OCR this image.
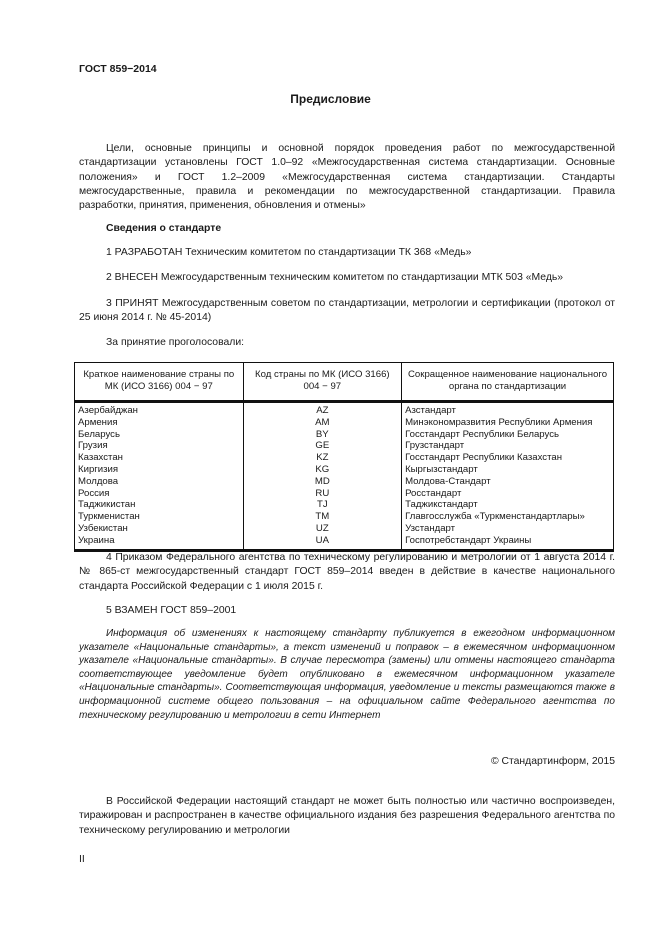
ГОСТ 859−2014
Предисловие
Цели, основные принципы и основной порядок проведения работ по межгосударственной стандартизации установлены ГОСТ 1.0–92 «Межгосударственная система стандартизации. Основные положения» и ГОСТ 1.2–2009 «Межгосударственная система стандартизации. Стандарты межгосударственные, правила и рекомендации по межгосударственной стандартизации. Правила разработки, принятия, применения, обновления и отмены»
Сведения о стандарте
1 РАЗРАБОТАН Техническим комитетом по стандартизации ТК 368 «Медь»
2 ВНЕСЕН Межгосударственным техническим комитетом по стандартизации МТК 503 «Медь»
3 ПРИНЯТ Межгосударственным советом по стандартизации, метрологии и сертификации (протокол от 25 июня 2014 г. № 45-2014)
За принятие проголосовали:
Краткое наименование страны по МК (ИСО 3166) 004 − 97	Код страны по МК (ИСО 3166) 004 − 97	Сокращенное наименование национального органа по стандартизации
Азербайджан	AZ	Азстандарт
Армения	AM	Минэкономразвития Республики Армения
Беларусь	BY	Госстандарт Республики Беларусь
Грузия	GE	Грузстандарт
Казахстан	KZ	Госстандарт Республики Казахстан
Киргизия	KG	Кыргызстандарт
Молдова	MD	Молдова-Стандарт
Россия	RU	Росстандарт
Таджикистан	TJ	Таджикстандарт
Туркменистан	TM	Главгосслужба «Туркменстандартлары»
Узбекистан	UZ	Узстандарт
Украина	UA	Госпотребстандарт Украины
4 Приказом Федерального агентства по техническому регулированию и метрологии от 1 августа 2014 г. № 865-ст межгосударственный стандарт ГОСТ 859–2014 введен в действие в качестве национального стандарта Российской Федерации с 1 июля 2015 г.
5 ВЗАМЕН ГОСТ 859–2001
Информация об изменениях к настоящему стандарту публикуется в ежегодном информационном указателе «Национальные стандарты», а текст изменений и поправок – в ежемесячном информационном указателе «Национальные стандарты». В случае пересмотра (замены) или отмены настоящего стандарта соответствующее уведомление будет опубликовано в ежемесячном информационном указателе «Национальные стандарты». Соответствующая информация, уведомление и тексты размещаются также в информационной системе общего пользования – на официальном сайте Федерального агентства по техническому регулированию и метрологии в сети Интернет
© Стандартинформ, 2015
В Российской Федерации настоящий стандарт не может быть полностью или частично воспроизведен, тиражирован и распространен в качестве официального издания без разрешения Федерального агентства по техническому регулированию и метрологии
II
